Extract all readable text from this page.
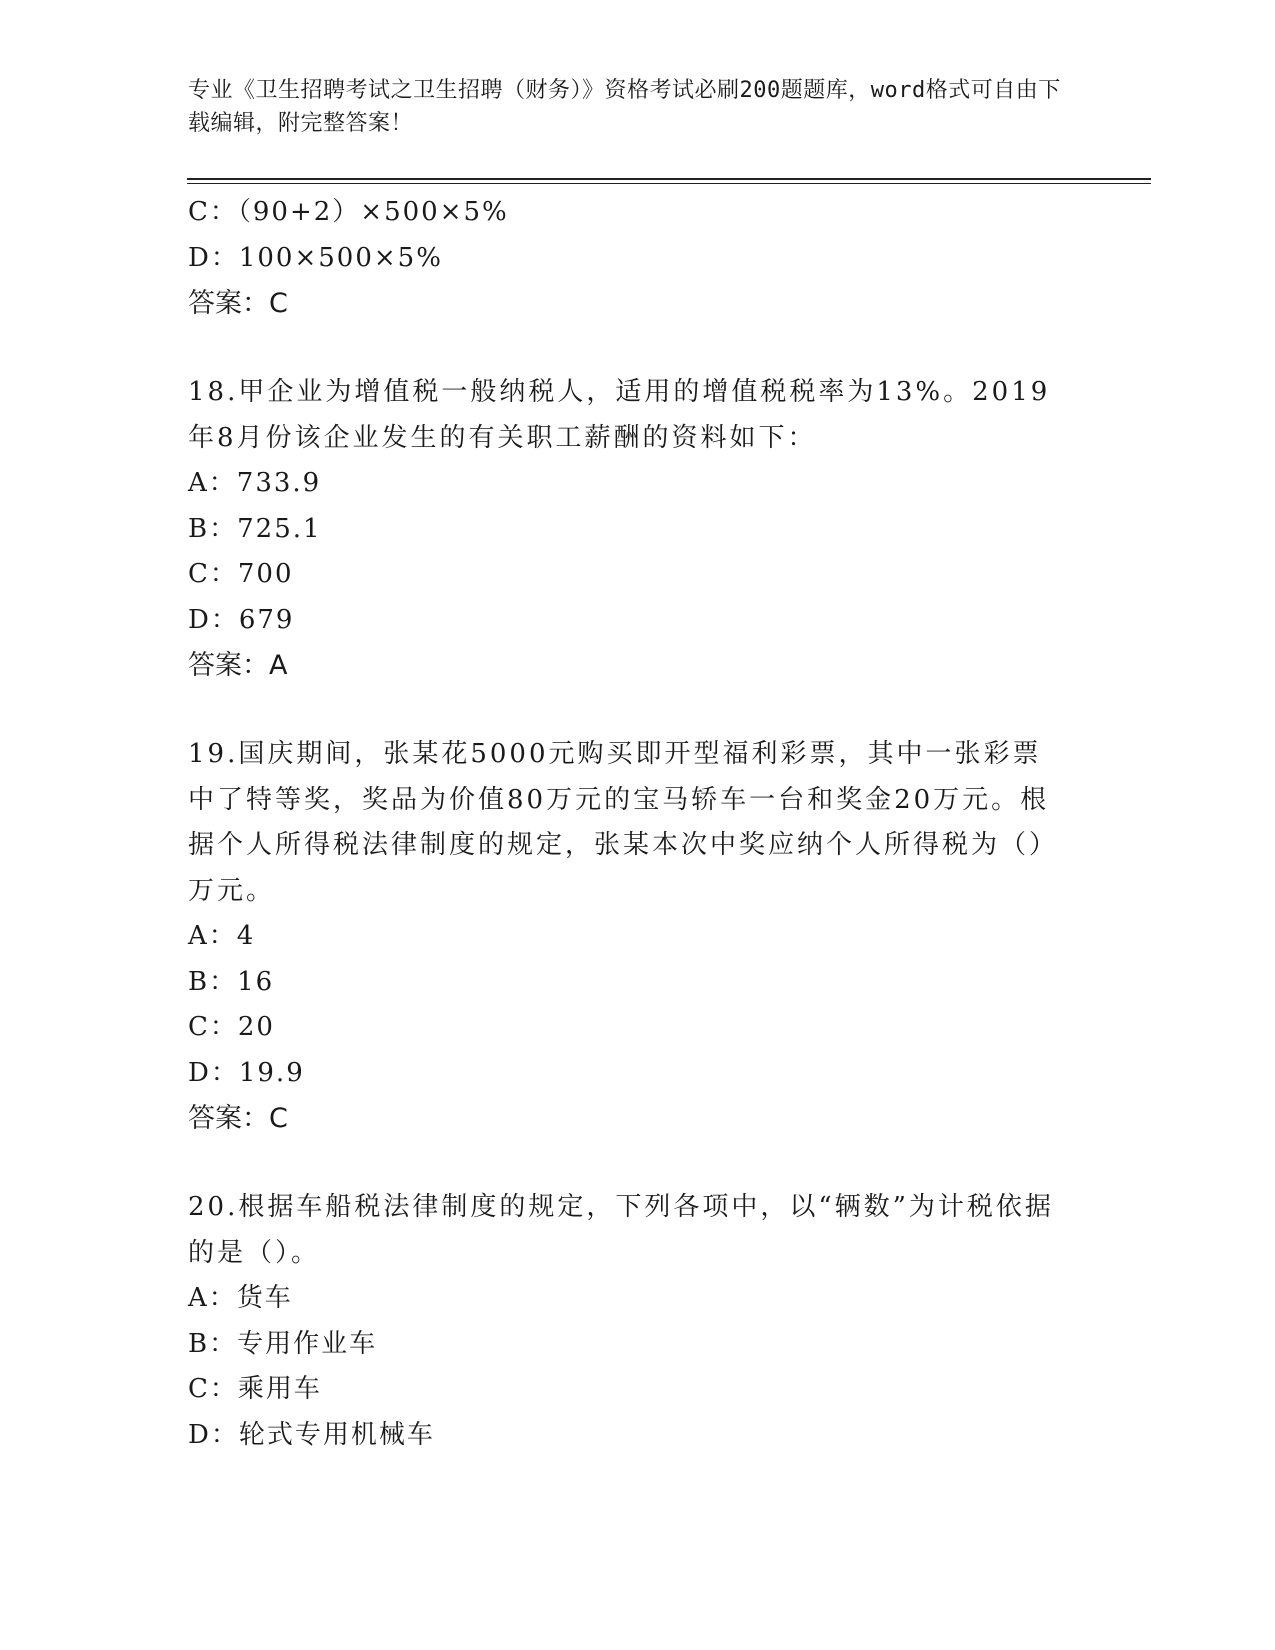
专业《卫生招聘考试之卫生招聘（财务）》资格考试必刷200题题库，word格式可自由下载编辑，附完整答案！

C：（90+2）×500×5%

D：100×500×5%

答案：C

18.甲企业为增值税一般纳税人，适用的增值税税率为13%。2019年8月份该企业发生的有关职工薪酬的资料如下：

A：733.9

B：725.1

C：700

D：679

答案：A

19.国庆期间，张某花5000元购买即开型福利彩票，其中一张彩票中了特等奖，奖品为价值80万元的宝马轿车一台和奖金20万元。根据个人所得税法律制度的规定，张某本次中奖应纳个人所得税为（）万元。

A：4

B：16

C：20

D：19.9

答案：C

20.根据车船税法律制度的规定，下列各项中，以“辆数”为计税依据的是（）。

A：货车

B：专用作业车

C：乘用车

D：轮式专用机械车
